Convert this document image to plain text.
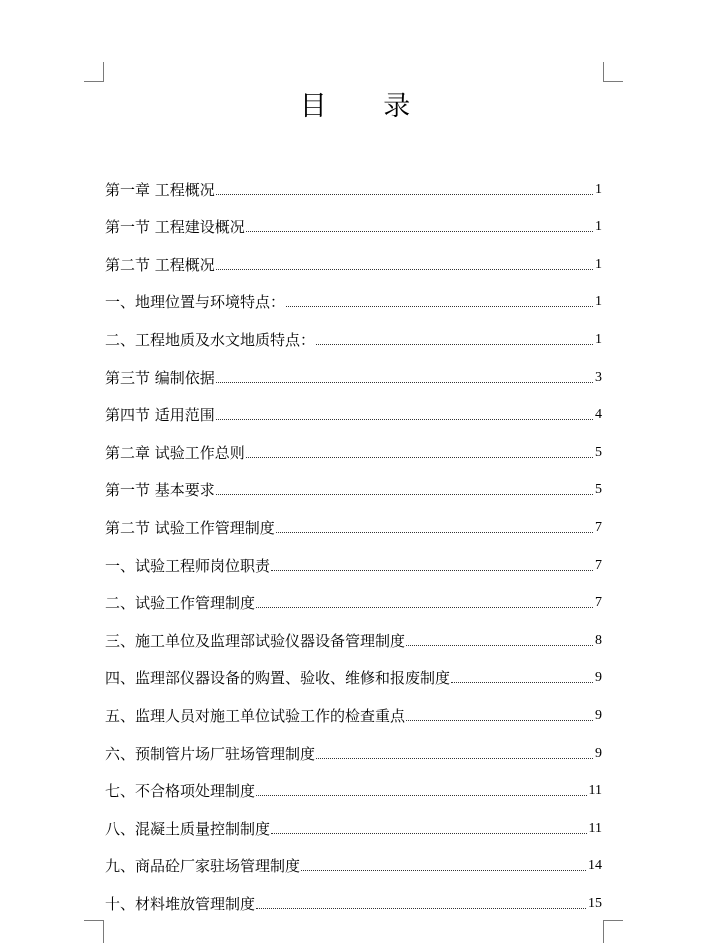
目 录
第一章 工程概况	1
第一节 工程建设概况	1
第二节 工程概况	1
一、地理位置与环境特点：	1
二、工程地质及水文地质特点：	1
第三节 编制依据	3
第四节 适用范围	4
第二章 试验工作总则	5
第一节 基本要求	5
第二节 试验工作管理制度	7
一、试验工程师岗位职责	7
二、试验工作管理制度	7
三、施工单位及监理部试验仪器设备管理制度	8
四、监理部仪器设备的购置、验收、维修和报废制度	9
五、监理人员对施工单位试验工作的检查重点	9
六、预制管片场厂驻场管理制度	9
七、不合格项处理制度	11
八、混凝土质量控制制度	11
九、商品砼厂家驻场管理制度	14
十、材料堆放管理制度	15
